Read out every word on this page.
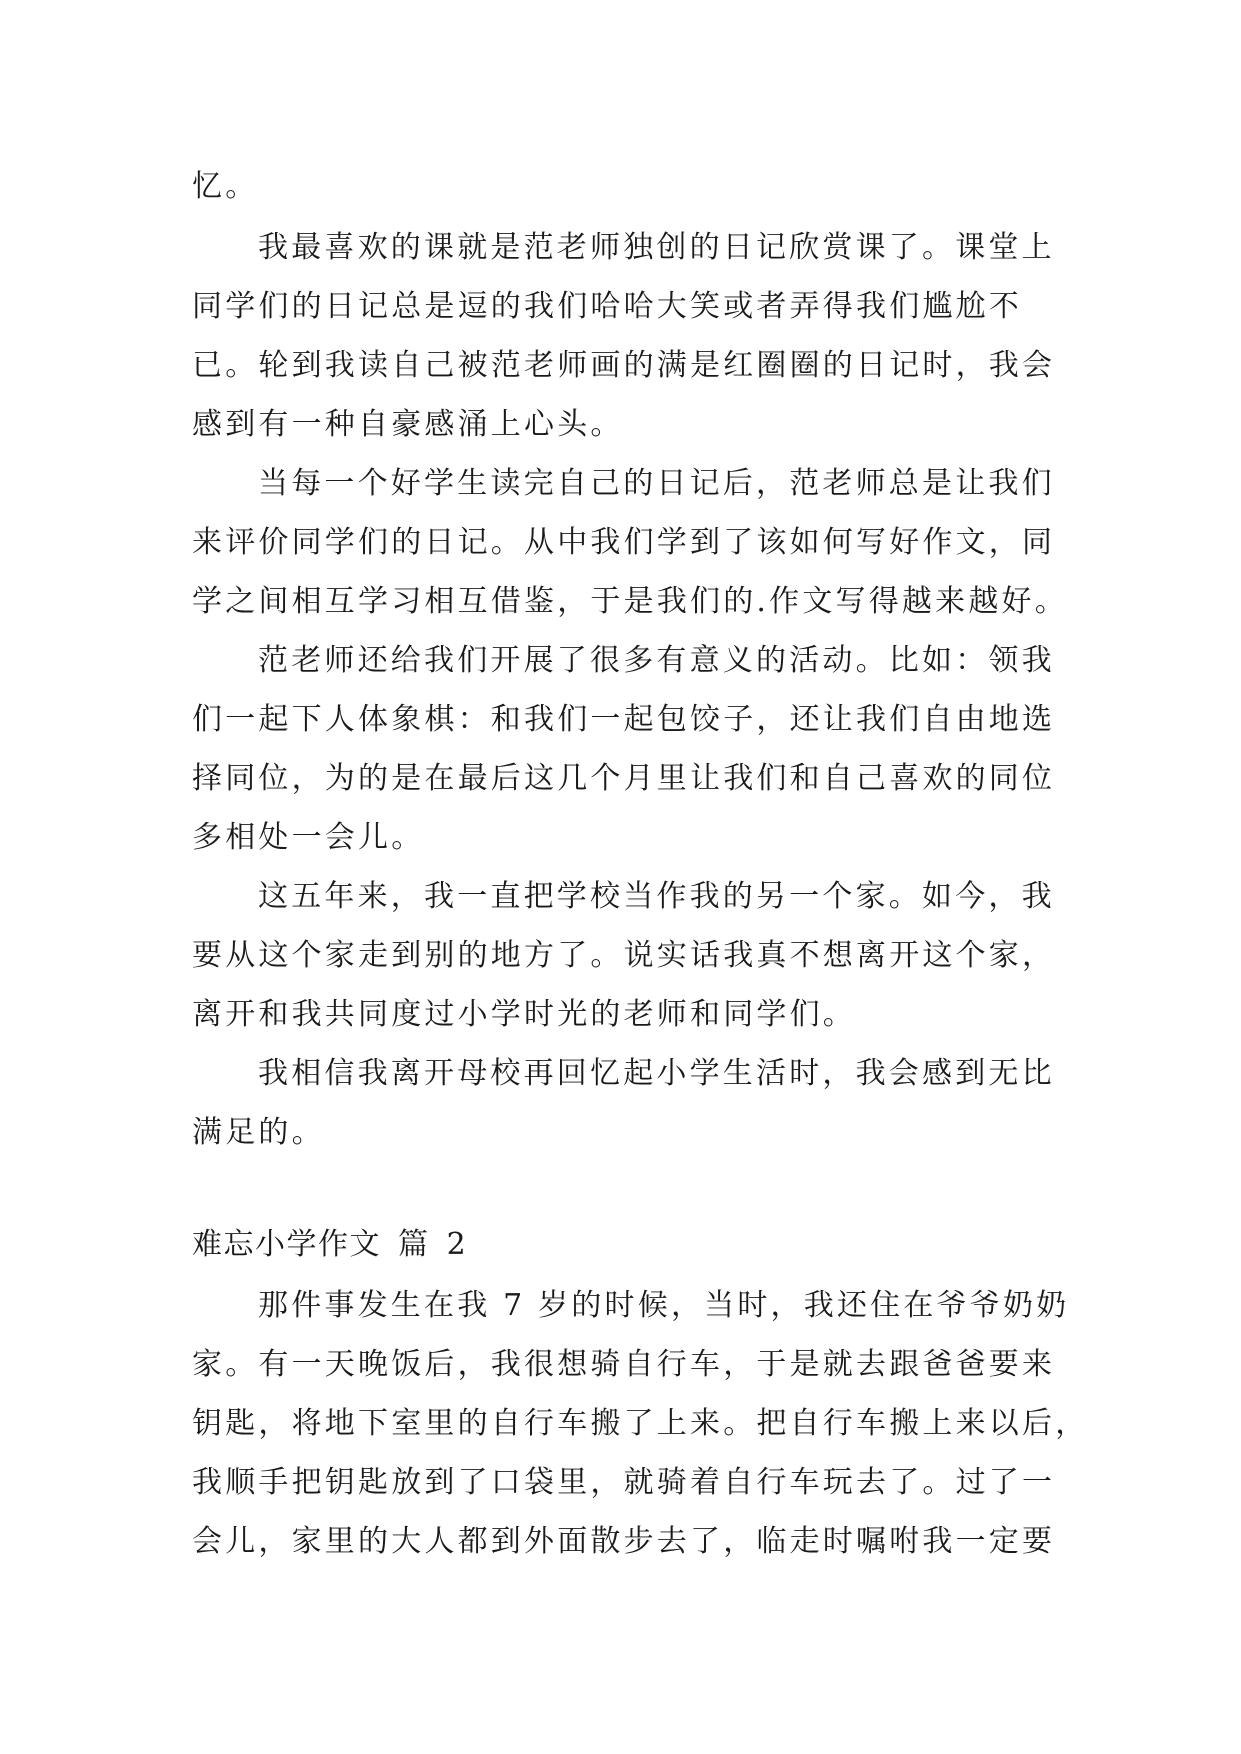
忆。
我最喜欢的课就是范老师独创的日记欣赏课了。课堂上
同学们的日记总是逗的我们哈哈大笑或者弄得我们尴尬不
已。轮到我读自己被范老师画的满是红圈圈的日记时，我会
感到有一种自豪感涌上心头。
当每一个好学生读完自己的日记后，范老师总是让我们
来评价同学们的日记。从中我们学到了该如何写好作文，同
学之间相互学习相互借鉴，于是我们的.作文写得越来越好。
范老师还给我们开展了很多有意义的活动。比如：领我
们一起下人体象棋：和我们一起包饺子，还让我们自由地选
择同位，为的是在最后这几个月里让我们和自己喜欢的同位
多相处一会儿。
这五年来，我一直把学校当作我的另一个家。如今，我
要从这个家走到别的地方了。说实话我真不想离开这个家，
离开和我共同度过小学时光的老师和同学们。
我相信我离开母校再回忆起小学生活时，我会感到无比
满足的。
难忘小学作文 篇 2
那件事发生在我 7 岁的时候，当时，我还住在爷爷奶奶
家。有一天晚饭后，我很想骑自行车，于是就去跟爸爸要来
钥匙，将地下室里的自行车搬了上来。把自行车搬上来以后，
我顺手把钥匙放到了口袋里，就骑着自行车玩去了。过了一
会儿，家里的大人都到外面散步去了，临走时嘱咐我一定要
